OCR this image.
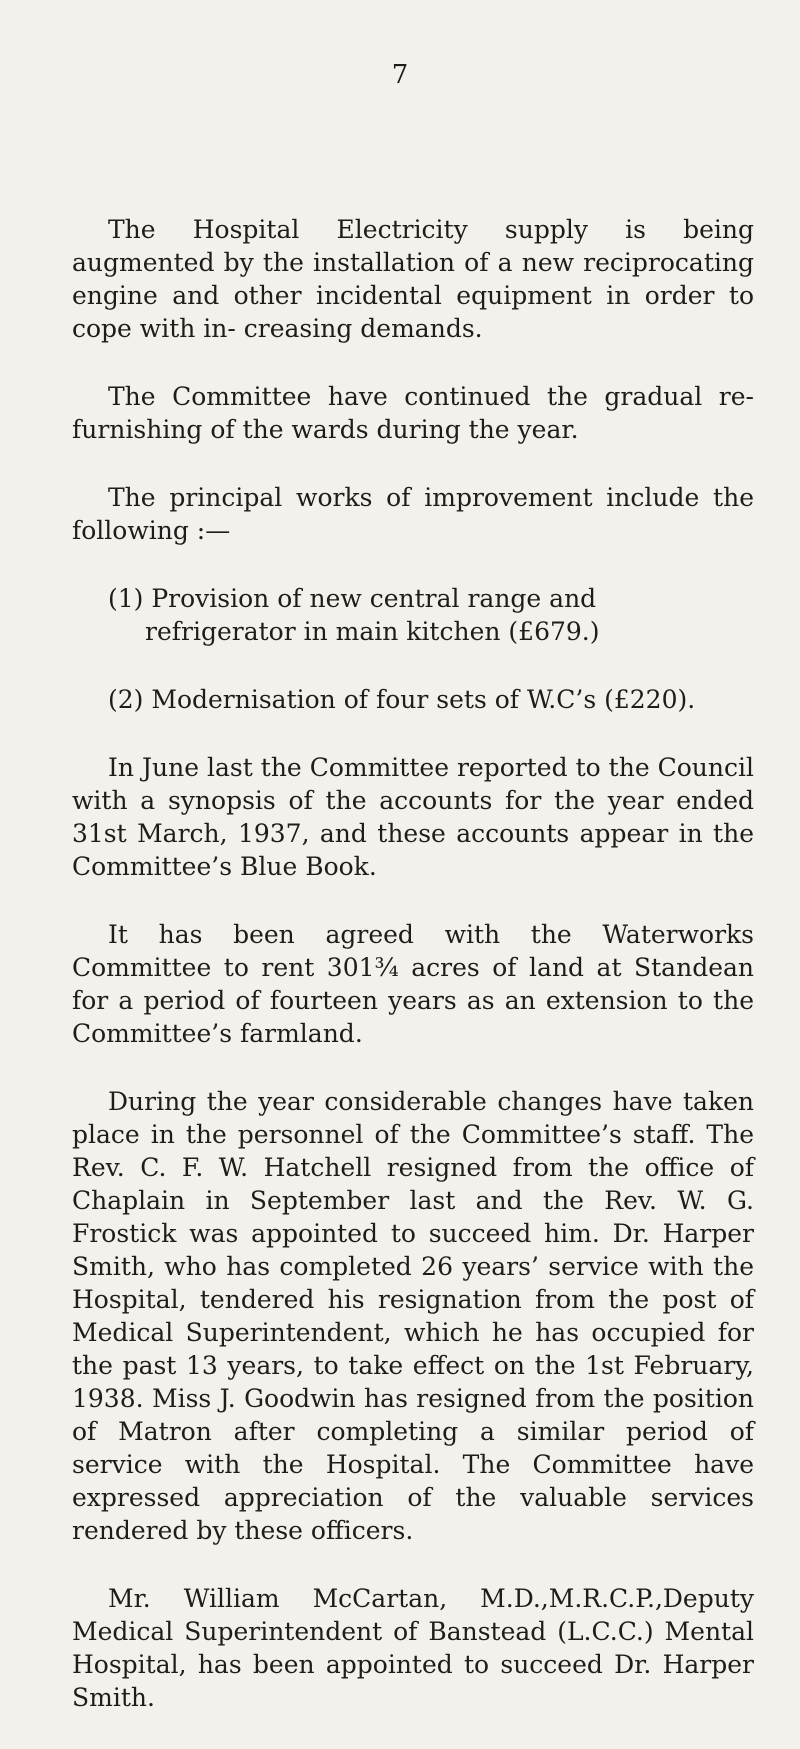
7

The Hospital Electricity supply is being augmented by the installation of a new reciprocating engine and other incidental equipment in order to cope with in- creasing demands.

The Committee have continued the gradual re- furnishing of the wards during the year.

The principal works of improvement include the following :—

(1) Provision of new central range and refrigerator in main kitchen (£679.)

(2) Modernisation of four sets of W.C’s (£220).

In June last the Committee reported to the Council with a synopsis of the accounts for the year ended 31st March, 1937, and these accounts appear in the Committee’s Blue Book.

It has been agreed with the Waterworks Committee to rent 301¾ acres of land at Standean for a period of fourteen years as an extension to the Committee’s farmland.

During the year considerable changes have taken place in the personnel of the Committee’s staff. The Rev. C. F. W. Hatchell resigned from the office of Chaplain in September last and the Rev. W. G. Frostick was appointed to succeed him. Dr. Harper Smith, who has completed 26 years’ service with the Hospital, tendered his resignation from the post of Medical Superintendent, which he has occupied for the past 13 years, to take effect on the 1st February, 1938. Miss J. Goodwin has resigned from the position of Matron after completing a similar period of service with the Hospital. The Committee have expressed appreciation of the valuable services rendered by these officers.

Mr. William McCartan, M.D.,M.R.C.P.,Deputy Medical Superintendent of Banstead (L.C.C.) Mental Hospital, has been appointed to succeed Dr. Harper Smith.
